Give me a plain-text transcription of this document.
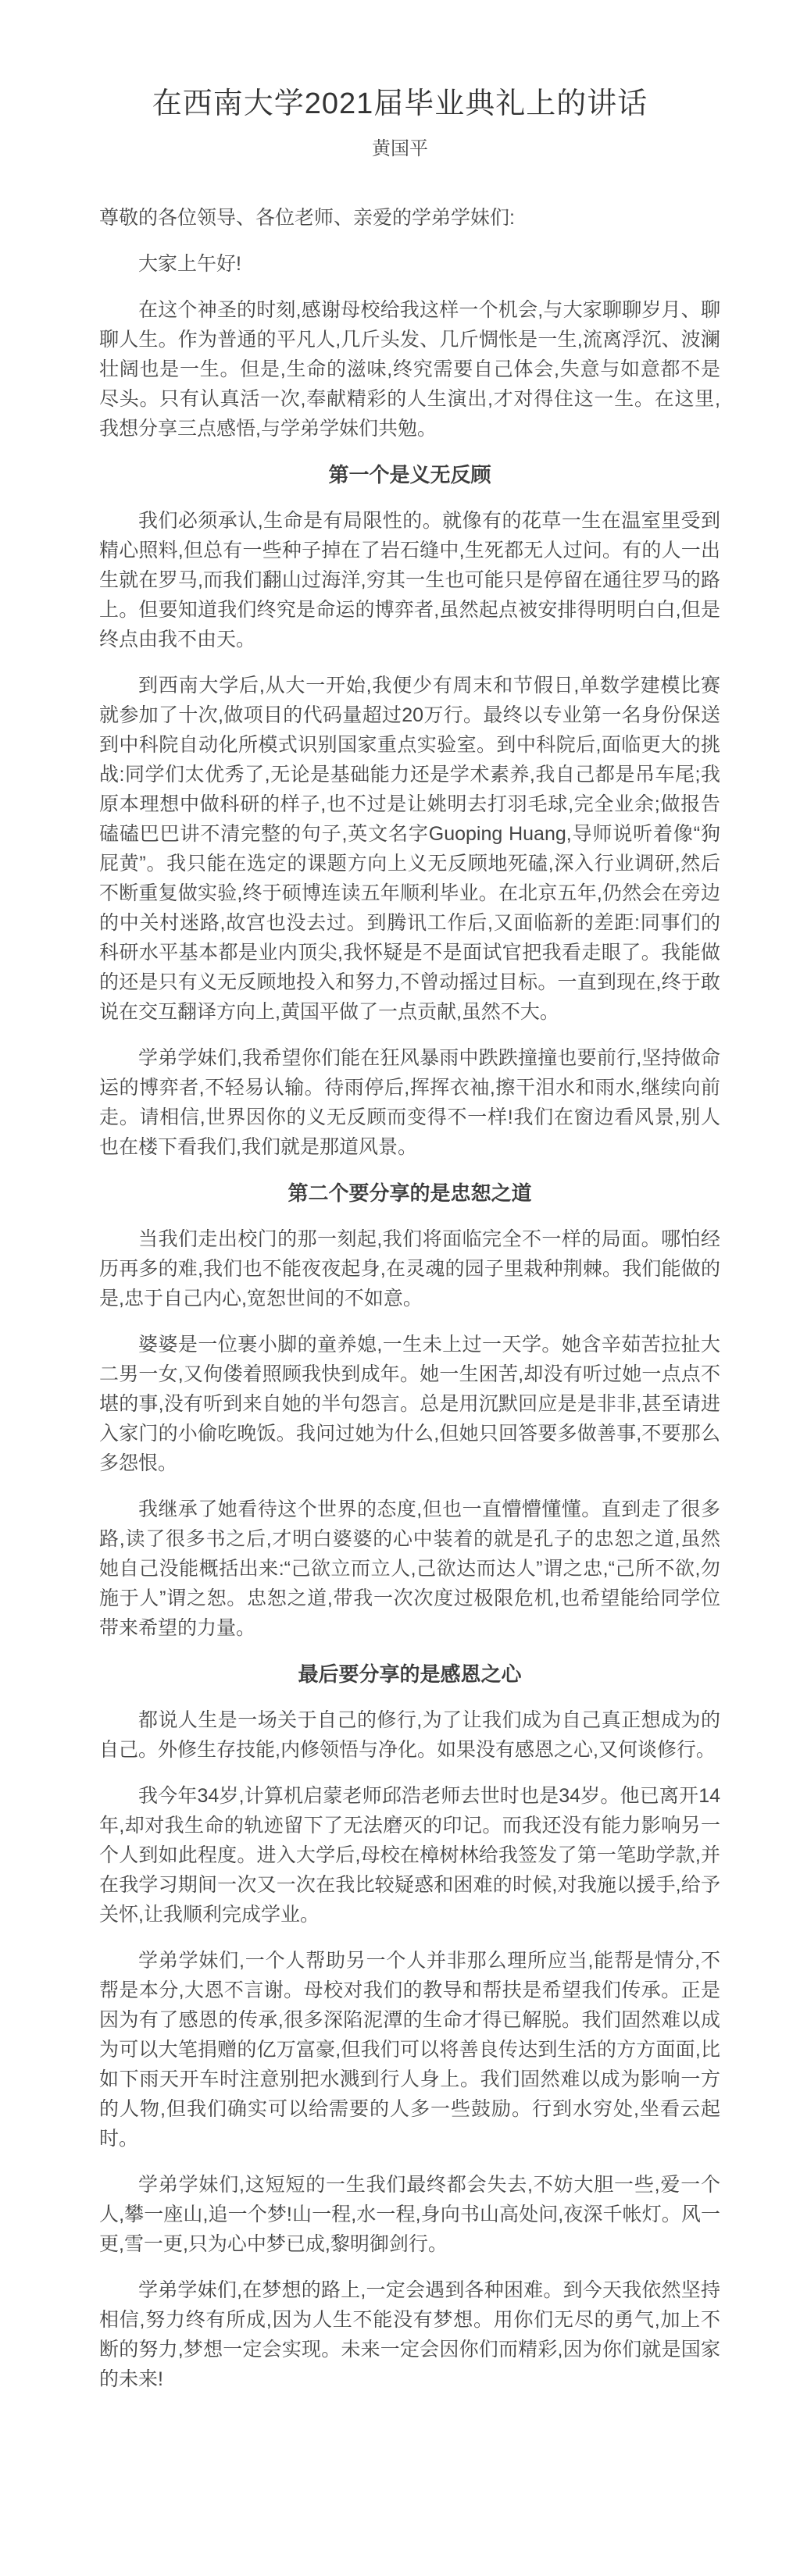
在西南大学2021届毕业典礼上的讲话
黄国平

尊敬的各位领导、各位老师、亲爱的学弟学妹们:

大家上午好!

在这个神圣的时刻,感谢母校给我这样一个机会,与大家聊聊岁月、聊聊人生。作为普通的平凡人,几斤头发、几斤惆怅是一生,流离浮沉、波澜壮阔也是一生。但是,生命的滋味,终究需要自己体会,失意与如意都不是尽头。只有认真活一次,奉献精彩的人生演出,才对得住这一生。在这里,我想分享三点感悟,与学弟学妹们共勉。

第一个是义无反顾

我们必须承认,生命是有局限性的。就像有的花草一生在温室里受到精心照料,但总有一些种子掉在了岩石缝中,生死都无人过问。有的人一出生就在罗马,而我们翻山过海洋,穷其一生也可能只是停留在通往罗马的路上。但要知道我们终究是命运的博弈者,虽然起点被安排得明明白白,但是终点由我不由天。

到西南大学后,从大一开始,我便少有周末和节假日,单数学建模比赛就参加了十次,做项目的代码量超过20万行。最终以专业第一名身份保送到中科院自动化所模式识别国家重点实验室。到中科院后,面临更大的挑战:同学们太优秀了,无论是基础能力还是学术素养,我自己都是吊车尾;我原本理想中做科研的样子,也不过是让姚明去打羽毛球,完全业余;做报告磕磕巴巴讲不清完整的句子,英文名字Guoping Huang,导师说听着像“狗屁黄”。我只能在选定的课题方向上义无反顾地死磕,深入行业调研,然后不断重复做实验,终于硕博连读五年顺利毕业。在北京五年,仍然会在旁边的中关村迷路,故宫也没去过。到腾讯工作后,又面临新的差距:同事们的科研水平基本都是业内顶尖,我怀疑是不是面试官把我看走眼了。我能做的还是只有义无反顾地投入和努力,不曾动摇过目标。一直到现在,终于敢说在交互翻译方向上,黄国平做了一点贡献,虽然不大。

学弟学妹们,我希望你们能在狂风暴雨中跌跌撞撞也要前行,坚持做命运的博弈者,不轻易认输。待雨停后,挥挥衣袖,擦干泪水和雨水,继续向前走。请相信,世界因你的义无反顾而变得不一样!我们在窗边看风景,别人也在楼下看我们,我们就是那道风景。

第二个要分享的是忠恕之道

当我们走出校门的那一刻起,我们将面临完全不一样的局面。哪怕经历再多的难,我们也不能夜夜起身,在灵魂的园子里栽种荆棘。我们能做的是,忠于自己内心,宽恕世间的不如意。

婆婆是一位裹小脚的童养媳,一生未上过一天学。她含辛茹苦拉扯大二男一女,又佝偻着照顾我快到成年。她一生困苦,却没有听过她一点点不堪的事,没有听到来自她的半句怨言。总是用沉默回应是是非非,甚至请进入家门的小偷吃晚饭。我问过她为什么,但她只回答要多做善事,不要那么多怨恨。

我继承了她看待这个世界的态度,但也一直懵懵懂懂。直到走了很多路,读了很多书之后,才明白婆婆的心中装着的就是孔子的忠恕之道,虽然她自己没能概括出来:“己欲立而立人,己欲达而达人”谓之忠,“己所不欲,勿施于人”谓之恕。忠恕之道,带我一次次度过极限危机,也希望能给同学位带来希望的力量。

最后要分享的是感恩之心

都说人生是一场关于自己的修行,为了让我们成为自己真正想成为的自己。外修生存技能,内修领悟与净化。如果没有感恩之心,又何谈修行。

我今年34岁,计算机启蒙老师邱浩老师去世时也是34岁。他已离开14年,却对我生命的轨迹留下了无法磨灭的印记。而我还没有能力影响另一个人到如此程度。进入大学后,母校在樟树林给我签发了第一笔助学款,并在我学习期间一次又一次在我比较疑惑和困难的时候,对我施以援手,给予关怀,让我顺利完成学业。

学弟学妹们,一个人帮助另一个人并非那么理所应当,能帮是情分,不帮是本分,大恩不言谢。母校对我们的教导和帮扶是希望我们传承。正是因为有了感恩的传承,很多深陷泥潭的生命才得已解脱。我们固然难以成为可以大笔捐赠的亿万富豪,但我们可以将善良传达到生活的方方面面,比如下雨天开车时注意别把水溅到行人身上。我们固然难以成为影响一方的人物,但我们确实可以给需要的人多一些鼓励。行到水穷处,坐看云起时。

学弟学妹们,这短短的一生我们最终都会失去,不妨大胆一些,爱一个人,攀一座山,追一个梦!山一程,水一程,身向书山高处问,夜深千帐灯。风一更,雪一更,只为心中梦已成,黎明御剑行。

学弟学妹们,在梦想的路上,一定会遇到各种困难。到今天我依然坚持相信,努力终有所成,因为人生不能没有梦想。用你们无尽的勇气,加上不断的努力,梦想一定会实现。未来一定会因你们而精彩,因为你们就是国家的未来!
